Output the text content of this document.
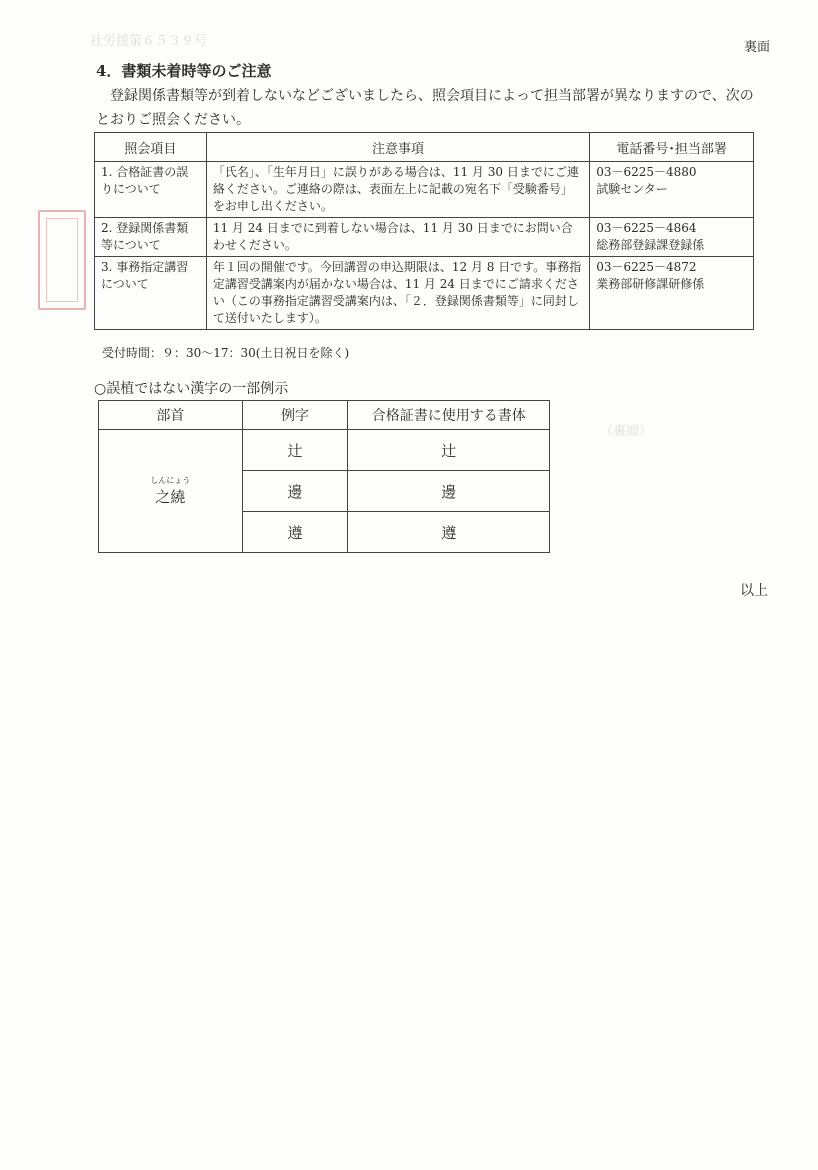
社労援第６５３９号
（裏面）
裏面
4．書類未着時等のご注意
登録関係書類等が到着しないなどございましたら、照会項目によって担当部署が異なりますので、次のとおりご照会ください。
照会項目	注意事項	電話番号･担当部署
1. 合格証書の誤りについて	「氏名」、「生年月日」に誤りがある場合は、11 月 30 日までにご連絡ください。ご連絡の際は、表面左上に記載の宛名下「受験番号」をお申し出ください。	03－6225－4880
試験センター

2. 登録関係書類等について	11 月 24 日までに到着しない場合は、11 月 30 日までにお問い合わせください。	03－6225－4864
総務部登録課登録係

3. 事務指定講習について	年１回の開催です。今回講習の申込期限は、12 月 8 日です。事務指定講習受講案内が届かない場合は、11 月 24 日までにご請求ください（この事務指定講習受講案内は、「２．登録関係書類等」に同封して送付いたします）。	03－6225－4872
業務部研修課研修係
受付時間：９：30～17：30(土日祝日を除く)
○誤植ではない漢字の一部例示
部首	例字	合格証書に使用する書体

しんにょう
之繞	辻	辻
	邊	邊
	遵	遵
以上
